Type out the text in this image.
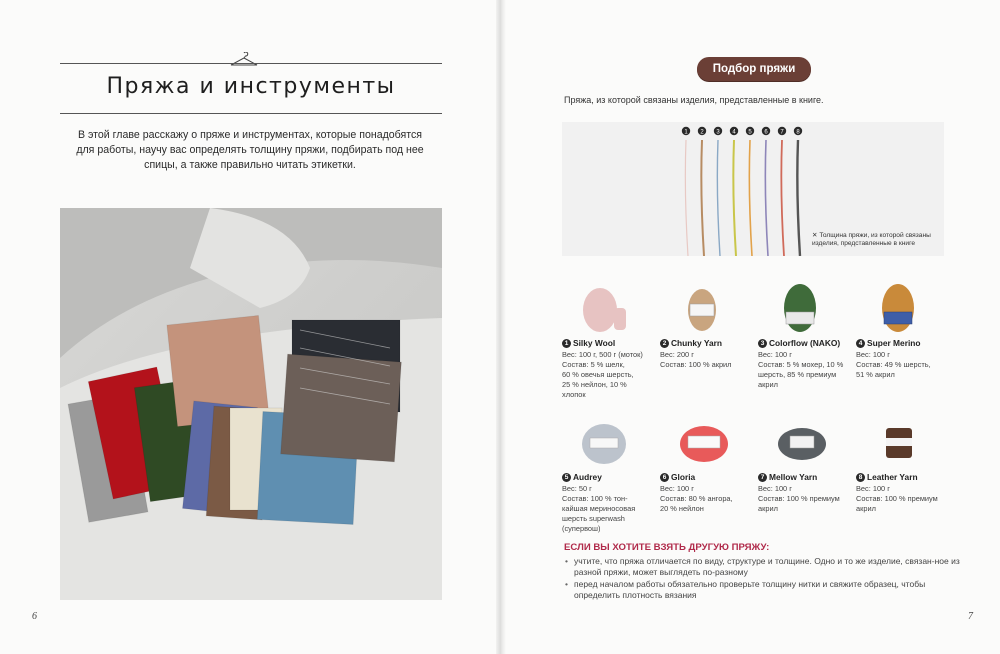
Пряжа и инструменты

В этой главе расскажу о пряже и инструментах, которые понадобятся для работы, научу вас определять толщину пряжи, подбирать под нее спицы, а также правильно читать этикетки.

6
Подбор пряжи
Пряжа, из которой связаны изделия, представленные в книге.
1 2 3 4 5 6 7 8
✕ Толщина пряжи, из которой связаны изделия, представленные в книге
1 Silky Wool
Вес: 100 г, 500 г (моток)
Состав: 5 % шелк,
60 % овечья шерсть,
25 % нейлон, 10 %
хлопок
2 Chunky Yarn
Вес: 200 г
Состав: 100 % акрил
3 Colorflow (NAKO)
Вес: 100 г
Состав: 5 % мохер, 10 %
шерсть, 85 % премиум
акрил
4 Super Merino
Вес: 100 г
Состав: 49 % шерсть,
51 % акрил
5 Audrey
Вес: 50 г
Состав: 100 % тон-
кайшая мериносовая
шерсть superwash
(супервош)
6 Gloria
Вес: 100 г
Состав: 80 % ангора,
20 % нейлон
7 Mellow Yarn
Вес: 100 г
Состав: 100 % премиум
акрил
8 Leather Yarn
Вес: 100 г
Состав: 100 % премиум
акрил
ЕСЛИ ВЫ ХОТИТЕ ВЗЯТЬ ДРУГУЮ ПРЯЖУ:
• учтите, что пряжа отличается по виду, структуре и толщине. Одно и то же изделие, связан-ное из разной пряжи, может выглядеть по-разному
• перед началом работы обязательно проверьте толщину нитки и свяжите образец, чтобы определить плотность вязания
7
